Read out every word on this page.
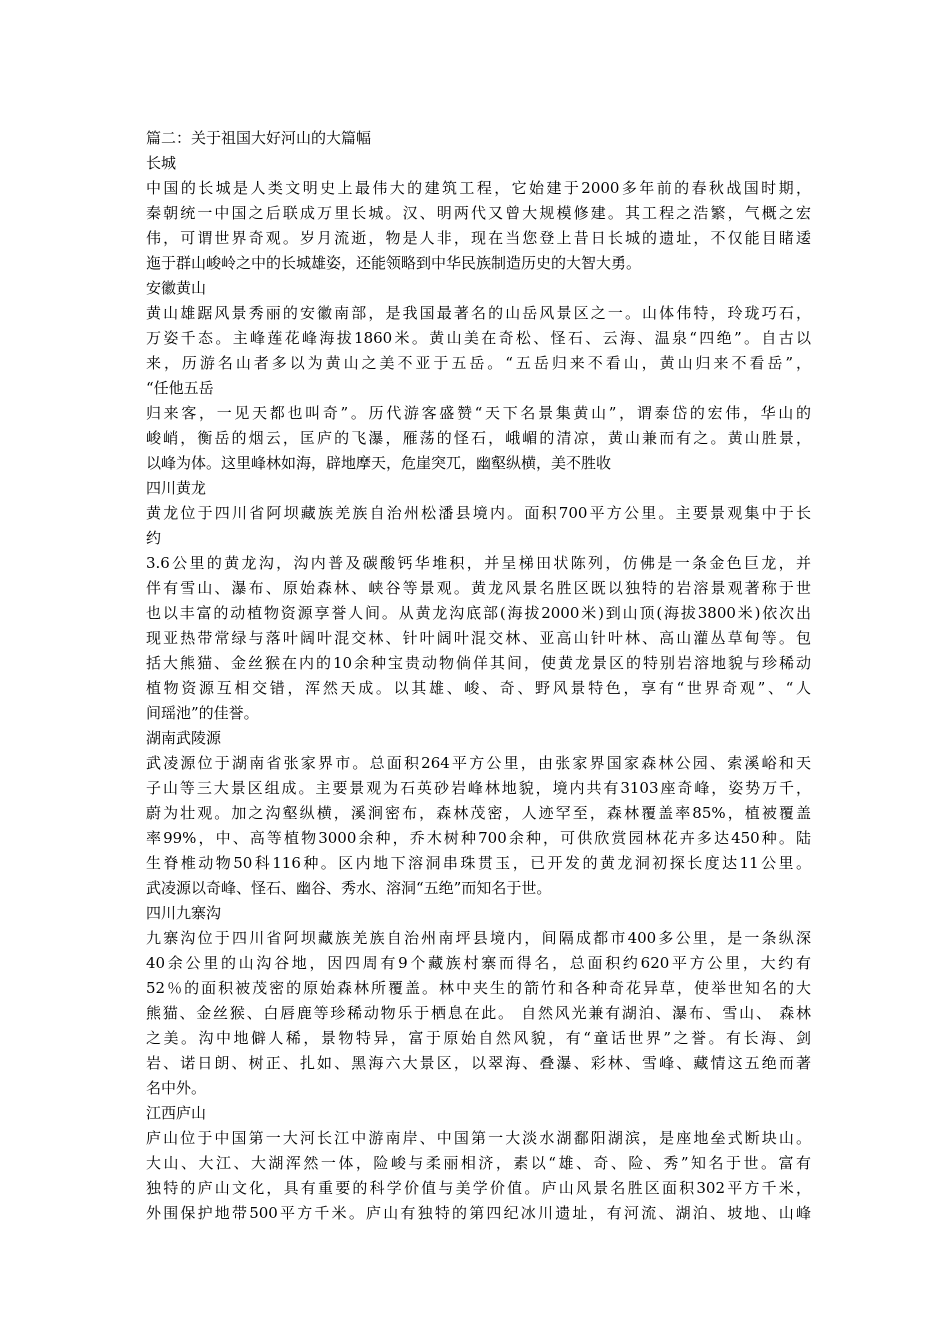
篇二：关于祖国大好河山的大篇幅
长城
中国的长城是人类文明史上最伟大的建筑工程，它始建于2000多年前的春秋战国时期，
秦朝统一中国之后联成万里长城。汉、明两代又曾大规模修建。其工程之浩繁，气概之宏
伟，可谓世界奇观。岁月流逝，物是人非，现在当您登上昔日长城的遗址，不仅能目睹逶
迤于群山峻岭之中的长城雄姿，还能领略到中华民族制造历史的大智大勇。
安徽黄山
黄山雄踞风景秀丽的安徽南部，是我国最著名的山岳风景区之一。山体伟特，玲珑巧石，
万姿千态。主峰莲花峰海拔1860米。黄山美在奇松、怪石、云海、温泉“四绝”。自古以
来，历游名山者多以为黄山之美不亚于五岳。“五岳归来不看山，黄山归来不看岳”，
“任他五岳
归来客，一见天都也叫奇”。历代游客盛赞“天下名景集黄山”，谓泰岱的宏伟，华山的
峻峭，衡岳的烟云，匡庐的飞瀑，雁荡的怪石，峨嵋的清凉，黄山兼而有之。黄山胜景，
以峰为体。这里峰林如海，辟地摩天，危崖突兀，幽壑纵横，美不胜收
四川黄龙
黄龙位于四川省阿坝藏族羌族自治州松潘县境内。面积700平方公里。主要景观集中于长
约
3.6公里的黄龙沟，沟内普及碳酸钙华堆积，并呈梯田状陈列，仿佛是一条金色巨龙，并
伴有雪山、瀑布、原始森林、峡谷等景观。黄龙风景名胜区既以独特的岩溶景观著称于世
也以丰富的动植物资源享誉人间。从黄龙沟底部(海拔2000米)到山顶(海拔3800米)依次出
现亚热带常绿与落叶阔叶混交林、针叶阔叶混交林、亚高山针叶林、高山灌丛草甸等。包
括大熊猫、金丝猴在内的10余种宝贵动物倘佯其间，使黄龙景区的特别岩溶地貌与珍稀动
植物资源互相交错，浑然天成。以其雄、峻、奇、野风景特色，享有“世界奇观”、“人
间瑶池”的佳誉。
湖南武陵源
武凌源位于湖南省张家界市。总面积264平方公里，由张家界国家森林公园、索溪峪和天
子山等三大景区组成。主要景观为石英砂岩峰林地貌，境内共有3103座奇峰，姿势万千，
蔚为壮观。加之沟壑纵横，溪涧密布，森林茂密，人迹罕至，森林覆盖率85%，植被覆盖
率99%，中、高等植物3000余种，乔木树种700余种，可供欣赏园林花卉多达450种。陆
生脊椎动物50科116种。区内地下溶洞串珠贯玉，已开发的黄龙洞初探长度达11公里。
武凌源以奇峰、怪石、幽谷、秀水、溶洞“五绝”而知名于世。
四川九寨沟
九寨沟位于四川省阿坝藏族羌族自治州南坪县境内，间隔成都市400多公里，是一条纵深
40余公里的山沟谷地，因四周有9个藏族村寨而得名，总面积约620平方公里，大约有
52％的面积被茂密的原始森林所覆盖。林中夹生的箭竹和各种奇花异草，使举世知名的大
熊猫、金丝猴、白唇鹿等珍稀动物乐于栖息在此。 自然风光兼有湖泊、瀑布、雪山、 森林
之美。沟中地僻人稀，景物特异，富于原始自然风貌，有“童话世界”之誉。有长海、剑
岩、诺日朗、树正、扎如、黑海六大景区，以翠海、叠瀑、彩林、雪峰、藏情这五绝而著
名中外。
江西庐山
庐山位于中国第一大河长江中游南岸、中国第一大淡水湖鄱阳湖滨，是座地垒式断块山。
大山、大江、大湖浑然一体，险峻与柔丽相济，素以“雄、奇、险、秀”知名于世。富有
独特的庐山文化，具有重要的科学价值与美学价值。庐山风景名胜区面积302平方千米，
外围保护地带500平方千米。庐山有独特的第四纪冰川遗址，有河流、湖泊、坡地、山峰
